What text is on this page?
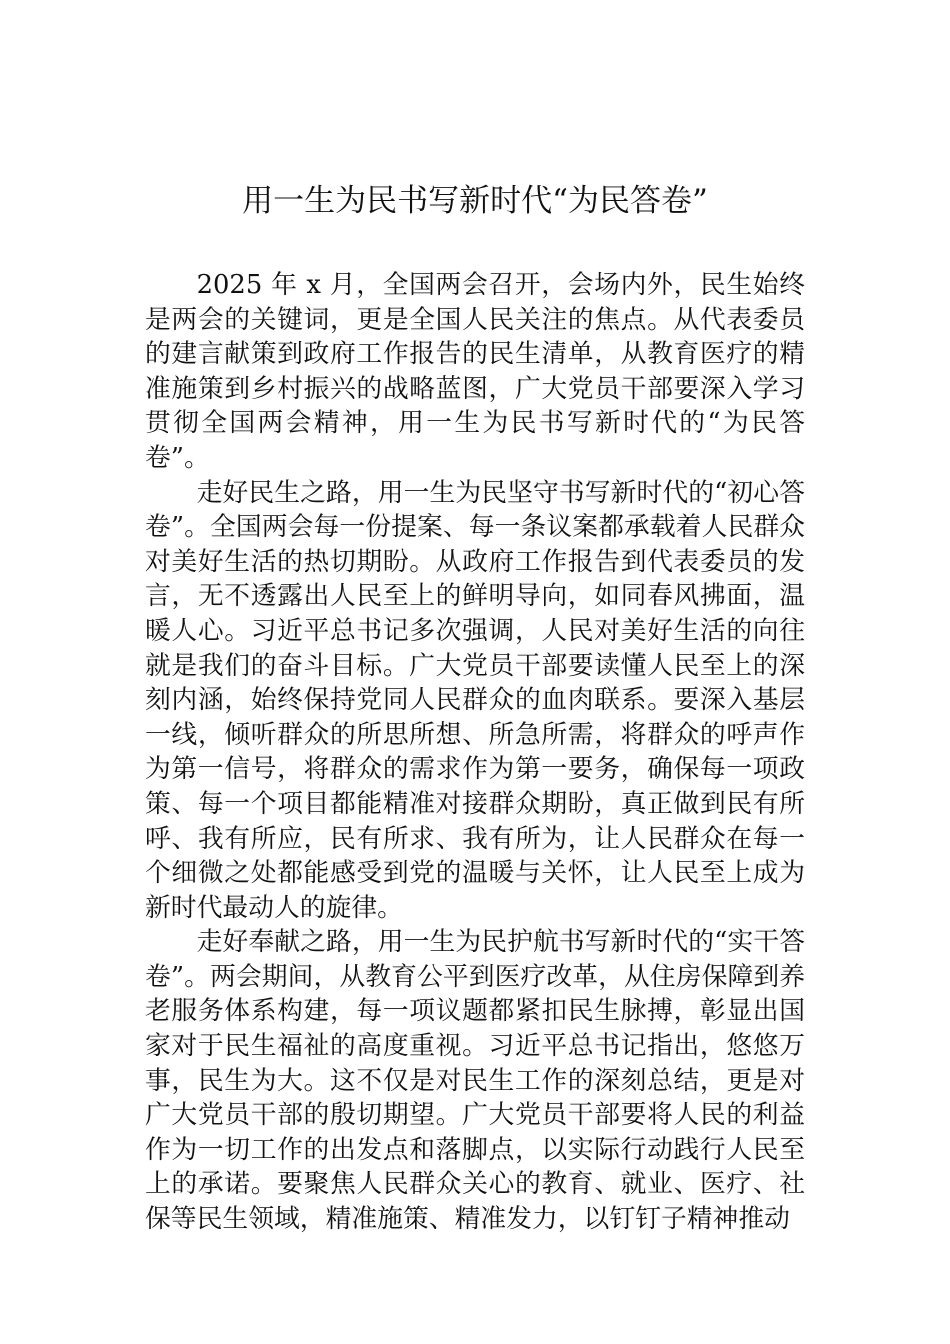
用一生为民书写新时代“为民答卷”

2025 年 x 月，全国两会召开，会场内外，民生始终是两会的关键词，更是全国人民关注的焦点。从代表委员的建言献策到政府工作报告的民生清单，从教育医疗的精准施策到乡村振兴的战略蓝图，广大党员干部要深入学习贯彻全国两会精神，用一生为民书写新时代的“为民答卷”。

走好民生之路，用一生为民坚守书写新时代的“初心答卷”。全国两会每一份提案、每一条议案都承载着人民群众对美好生活的热切期盼。从政府工作报告到代表委员的发言，无不透露出人民至上的鲜明导向，如同春风拂面，温暖人心。习近平总书记多次强调，人民对美好生活的向往就是我们的奋斗目标。广大党员干部要读懂人民至上的深刻内涵，始终保持党同人民群众的血肉联系。要深入基层一线，倾听群众的所思所想、所急所需，将群众的呼声作为第一信号，将群众的需求作为第一要务，确保每一项政策、每一个项目都能精准对接群众期盼，真正做到民有所呼、我有所应，民有所求、我有所为，让人民群众在每一个细微之处都能感受到党的温暖与关怀，让人民至上成为新时代最动人的旋律。

走好奉献之路，用一生为民护航书写新时代的“实干答卷”。两会期间，从教育公平到医疗改革，从住房保障到养老服务体系构建，每一项议题都紧扣民生脉搏，彰显出国家对于民生福祉的高度重视。习近平总书记指出，悠悠万事，民生为大。这不仅是对民生工作的深刻总结，更是对广大党员干部的殷切期望。广大党员干部要将人民的利益作为一切工作的出发点和落脚点，以实际行动践行人民至上的承诺。要聚焦人民群众关心的教育、就业、医疗、社保等民生领域，精准施策、精准发力，以钉钉子精神推动
